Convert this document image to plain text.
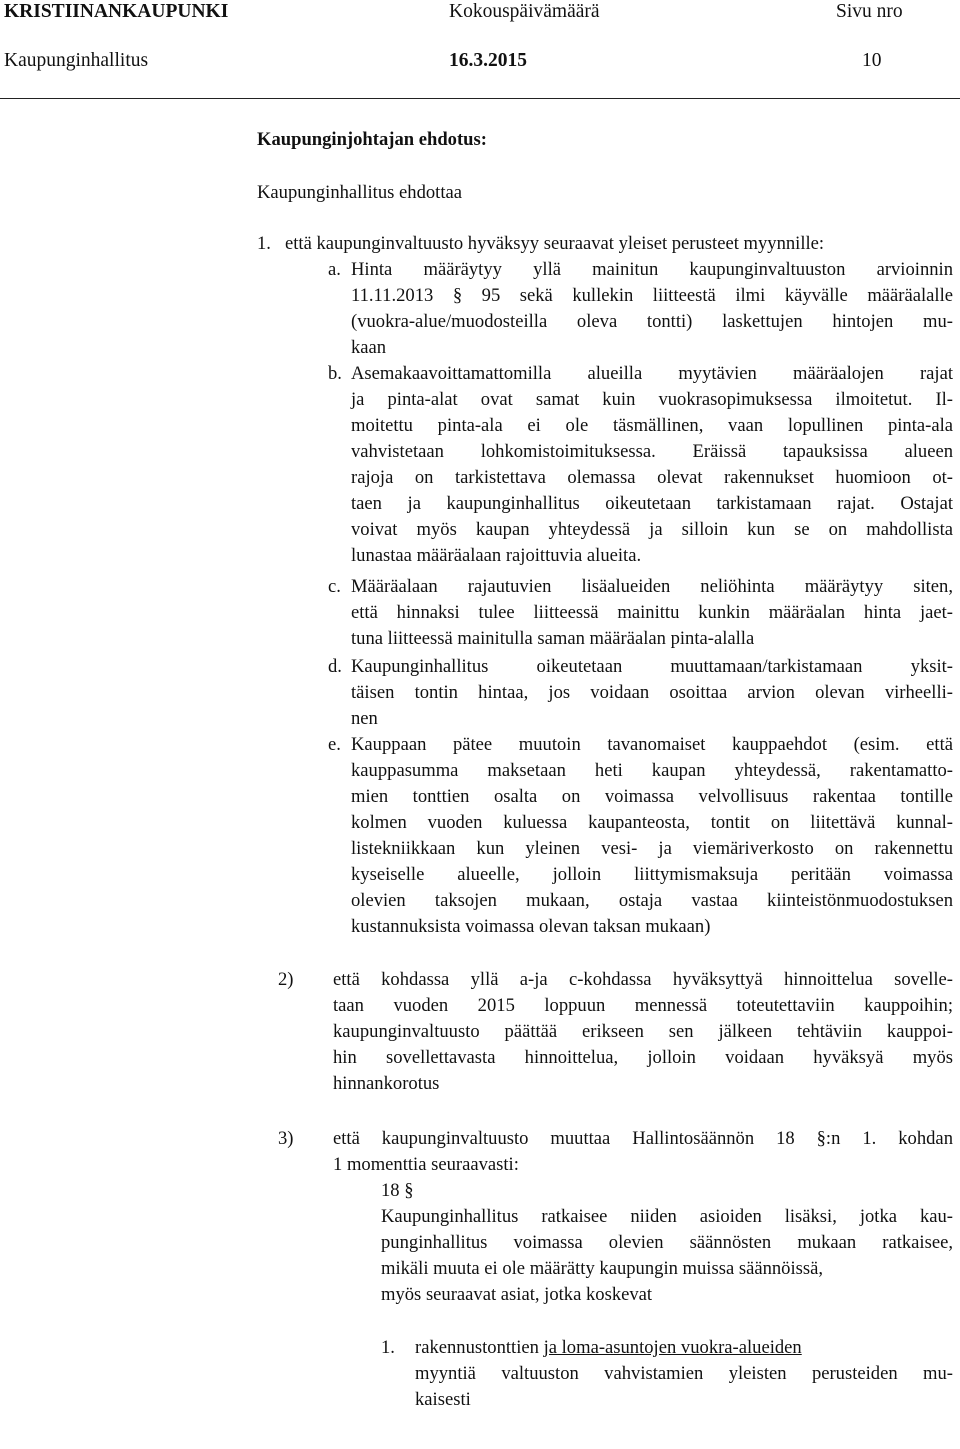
KRISTIINANKAUPUNKI	Kokouspäivämäärä	Sivu nro
Kaupunginhallitus	16.3.2015	10
Kaupunginjohtajan ehdotus:
Kaupunginhallitus ehdottaa
1. että kaupunginvaltuusto hyväksyy seuraavat yleiset perusteet myynnille:
a. Hinta määräytyy yllä mainitun kaupunginvaltuuston arvioinnin
11.11.2013 § 95 sekä kullekin liitteestä ilmi käyvälle määräalalle
(vuokra-alue/muodosteilla oleva tontti) laskettujen hintojen mu-
kaan
b. Asemakaavoittamattomilla alueilla myytävien määräalojen rajat
ja pinta-alat ovat samat kuin vuokrasopimuksessa ilmoitetut. Il-
moitettu pinta-ala ei ole täsmällinen, vaan lopullinen pinta-ala
vahvistetaan lohkomistoimituksessa. Eräissä tapauksissa alueen
rajoja on tarkistettava olemassa olevat rakennukset huomioon ot-
taen ja kaupunginhallitus oikeutetaan tarkistamaan rajat. Ostajat
voivat myös kaupan yhteydessä ja silloin kun se on mahdollista
lunastaa määräalaan rajoittuvia alueita.
c. Määräalaan rajautuvien lisäalueiden neliöhinta määräytyy siten,
että hinnaksi tulee liitteessä mainittu kunkin määräalan hinta jaet-
tuna liitteessä mainitulla saman määräalan pinta-alalla
d. Kaupunginhallitus oikeutetaan muuttamaan/tarkistamaan yksit-
täisen tontin hintaa, jos voidaan osoittaa arvion olevan virheelli-
nen
e. Kauppaan pätee muutoin tavanomaiset kauppaehdot (esim. että
kauppasumma maksetaan heti kaupan yhteydessä, rakentamatto-
mien tonttien osalta on voimassa velvollisuus rakentaa tontille
kolmen vuoden kuluessa kaupanteosta, tontit on liitettävä kunnal-
listekniikkaan kun yleinen vesi- ja viemäriverkosto on rakennettu
kyseiselle alueelle, jolloin liittymismaksuja peritään voimassa
olevien taksojen mukaan, ostaja vastaa kiinteistönmuodostuksen
kustannuksista voimassa olevan taksan mukaan)
2) että kohdassa yllä a-ja c-kohdassa hyväksyttyä hinnoittelua sovelle-
taan vuoden 2015 loppuun mennessä toteutettaviin kauppoihin;
kaupunginvaltuusto päättää erikseen sen jälkeen tehtäviin kauppoi-
hin sovellettavasta hinnoittelua, jolloin voidaan hyväksyä myös
hinnankorotus
3) että kaupunginvaltuusto muuttaa Hallintosäännön 18 §:n 1. kohdan
1 momenttia seuraavasti:
18 §
Kaupunginhallitus ratkaisee niiden asioiden lisäksi, jotka kau-
punginhallitus voimassa olevien säännösten mukaan ratkaisee,
mikäli muuta ei ole määrätty kaupungin muissa säännöissä,
myös seuraavat asiat, jotka koskevat
1. rakennustonttien ja loma-asuntojen vuokra-alueiden
myyntiä valtuuston vahvistamien yleisten perusteiden mu-
kaisesti
